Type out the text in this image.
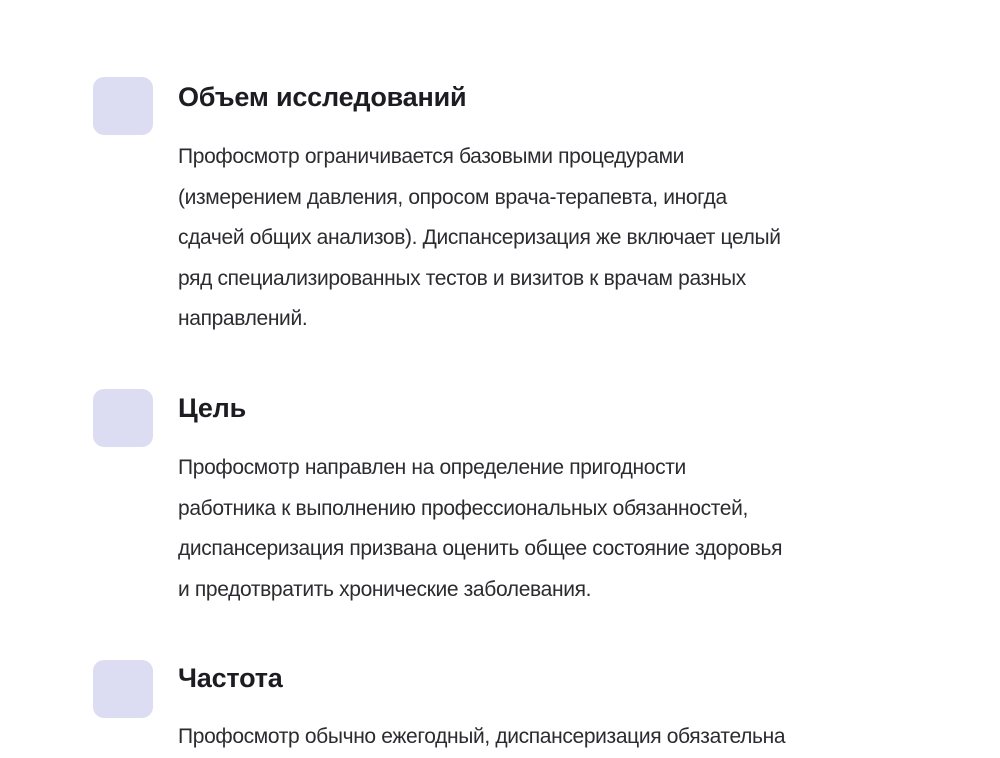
Объем исследований

Профосмотр ограничивается базовыми процедурами
(измерением давления, опросом врача-терапевта, иногда
сдачей общих анализов). Диспансеризация же включает целый
ряд специализированных тестов и визитов к врачам разных
направлений.

Цель

Профосмотр направлен на определение пригодности
работника к выполнению профессиональных обязанностей,
диспансеризация призвана оценить общее состояние здоровья
и предотвратить хронические заболевания.

Частота

Профосмотр обычно ежегодный, диспансеризация обязательна
